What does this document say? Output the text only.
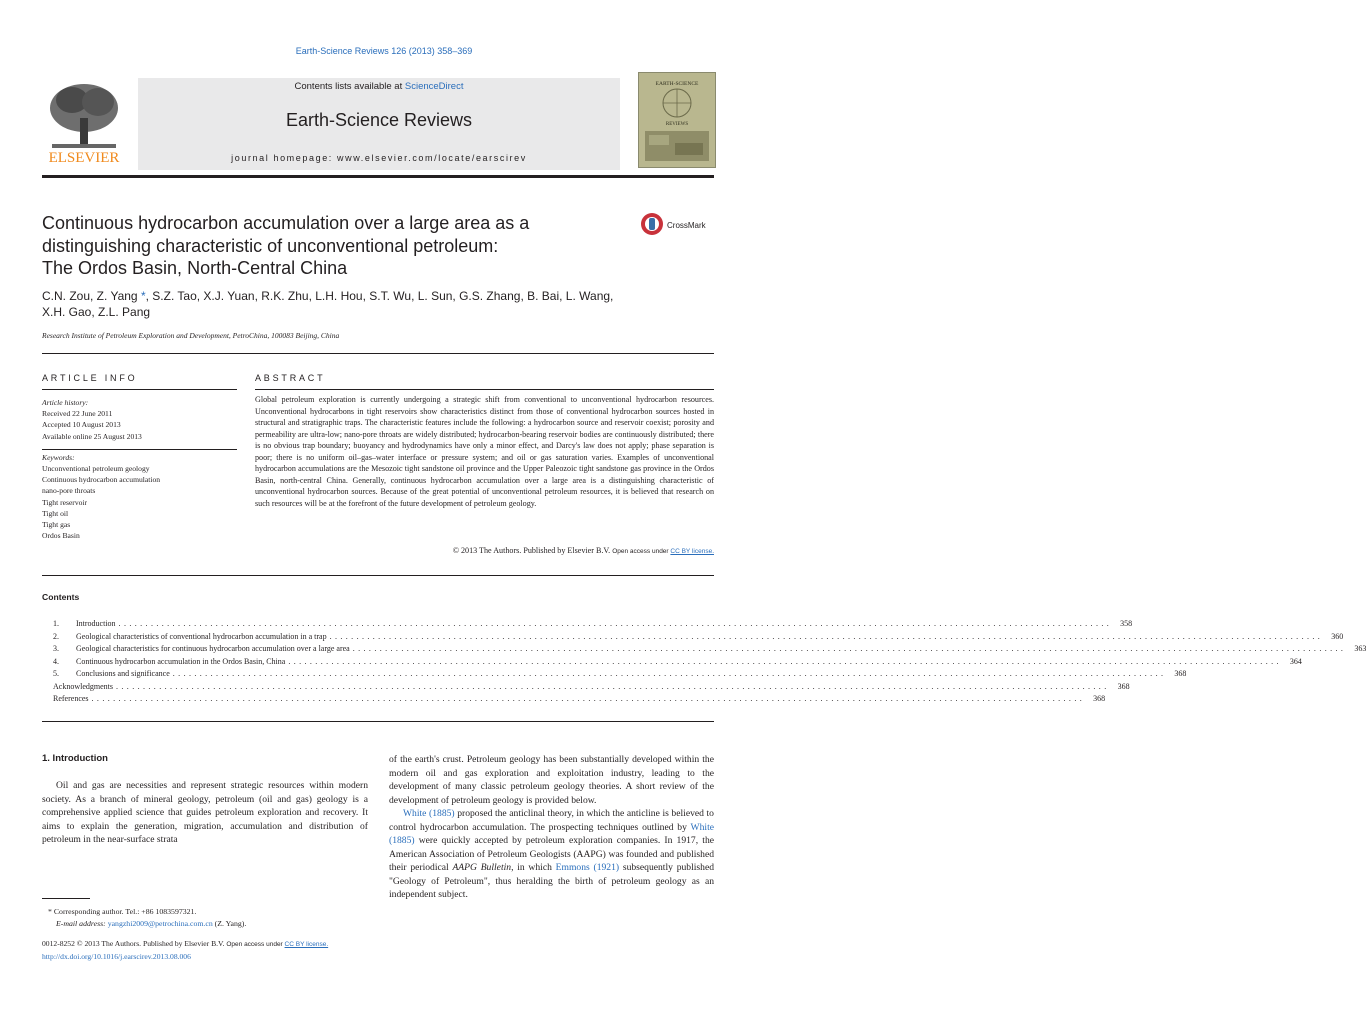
Earth-Science Reviews 126 (2013) 358–369
ELSEVIER
Contents lists available at ScienceDirect
Earth-Science Reviews
journal homepage: www.elsevier.com/locate/earscirev
EARTH-SCIENCE
REVIEWS
Continuous hydrocarbon accumulation over a large area as a
distinguishing characteristic of unconventional petroleum:
The Ordos Basin, North-Central China
CrossMark
C.N. Zou, Z. Yang *, S.Z. Tao, X.J. Yuan, R.K. Zhu, L.H. Hou, S.T. Wu, L. Sun, G.S. Zhang, B. Bai, L. Wang,
X.H. Gao, Z.L. Pang
Research Institute of Petroleum Exploration and Development, PetroChina, 100083 Beijing, China
ARTICLE INFO	ABSTRACT
Article history:
Received 22 June 2011
Accepted 10 August 2013
Available online 25 August 2013
Keywords:
Unconventional petroleum geology
Continuous hydrocarbon accumulation
nano-pore throats
Tight reservoir
Tight oil
Tight gas
Ordos Basin
Global petroleum exploration is currently undergoing a strategic shift from conventional to unconventional hydrocarbon resources. Unconventional hydrocarbons in tight reservoirs show characteristics distinct from those of conventional hydrocarbon sources hosted in structural and stratigraphic traps. The characteristic features include the following: a hydrocarbon source and reservoir coexist; porosity and permeability are ultra-low; nano-pore throats are widely distributed; hydrocarbon-bearing reservoir bodies are continuously distributed; there is no obvious trap boundary; buoyancy and hydrodynamics have only a minor effect, and Darcy's law does not apply; phase separation is poor; there is no uniform oil–gas–water interface or pressure system; and oil or gas saturation varies. Examples of unconventional hydrocarbon accumulations are the Mesozoic tight sandstone oil province and the Upper Paleozoic tight sandstone gas province in the Ordos Basin, north-central China. Generally, continuous hydrocarbon accumulation over a large area is a distinguishing characteristic of unconventional hydrocarbon sources. Because of the great potential of unconventional petroleum resources, it is believed that research on such resources will be at the forefront of the future development of petroleum geology.
© 2013 The Authors. Published by Elsevier B.V. Open access under CC BY license.
Contents
1.	Introduction ........................................................................................................................................................................................	358
2.	Geological characteristics of conventional hydrocarbon accumulation in a trap ........................................................................................................................................................................................	360
3.	Geological characteristics for continuous hydrocarbon accumulation over a large area ........................................................................................................................................................................................	363
4.	Continuous hydrocarbon accumulation in the Ordos Basin, China ........................................................................................................................................................................................	364
5.	Conclusions and significance ........................................................................................................................................................................................	368
Acknowledgments ........................................................................................................................................................................................	368
References ........................................................................................................................................................................................	368
1. Introduction
Oil and gas are necessities and represent strategic resources within modern society. As a branch of mineral geology, petroleum (oil and gas) geology is a comprehensive applied science that guides petroleum exploration and recovery. It aims to explain the generation, migration, accumulation and distribution of petroleum in the near-surface strata
of the earth's crust. Petroleum geology has been substantially developed within the modern oil and gas exploration and exploitation industry, leading to the development of many classic petroleum geology theories. A short review of the development of petroleum geology is provided below.
White (1885) proposed the anticlinal theory, in which the anticline is believed to control hydrocarbon accumulation. The prospecting techniques outlined by White (1885) were quickly accepted by petroleum exploration companies. In 1917, the American Association of Petroleum Geologists (AAPG) was founded and published their periodical AAPG Bulletin, in which Emmons (1921) subsequently published "Geology of Petroleum", thus heralding the birth of petroleum geology as an independent subject.
* Corresponding author. Tel.: +86 1083597321.
E-mail address: yangzhi2009@petrochina.com.cn (Z. Yang).
0012-8252 © 2013 The Authors. Published by Elsevier B.V. Open access under CC BY license.
http://dx.doi.org/10.1016/j.earscirev.2013.08.006
